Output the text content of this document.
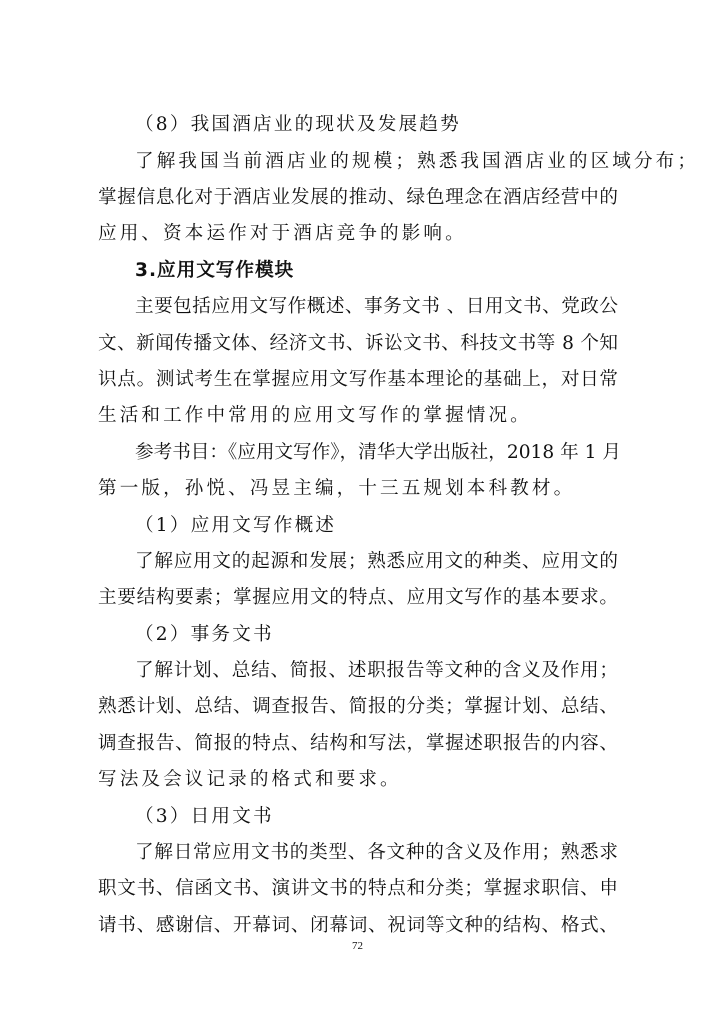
（8）我国酒店业的现状及发展趋势
了解我国当前酒店业的规模；熟悉我国酒店业的区域分布；
掌握信息化对于酒店业发展的推动、绿色理念在酒店经营中的
应用、资本运作对于酒店竞争的影响。
3.应用文写作模块
主要包括应用文写作概述、事务文书 、日用文书、党政公
文、新闻传播文体、经济文书、诉讼文书、科技文书等 8 个知
识点。测试考生在掌握应用文写作基本理论的基础上，对日常
生活和工作中常用的应用文写作的掌握情况。
参考书目：《应用文写作》，清华大学出版社，2018 年 1 月
第一版，孙悦、冯昱主编，十三五规划本科教材。
（1）应用文写作概述
了解应用文的起源和发展；熟悉应用文的种类、应用文的
主要结构要素；掌握应用文的特点、应用文写作的基本要求。
（2）事务文书
了解计划、总结、简报、述职报告等文种的含义及作用；
熟悉计划、总结、调查报告、简报的分类；掌握计划、总结、
调查报告、简报的特点、结构和写法，掌握述职报告的内容、
写法及会议记录的格式和要求。
（3）日用文书
了解日常应用文书的类型、各文种的含义及作用；熟悉求
职文书、信函文书、演讲文书的特点和分类；掌握求职信、申
请书、感谢信、开幕词、闭幕词、祝词等文种的结构、格式、
72
